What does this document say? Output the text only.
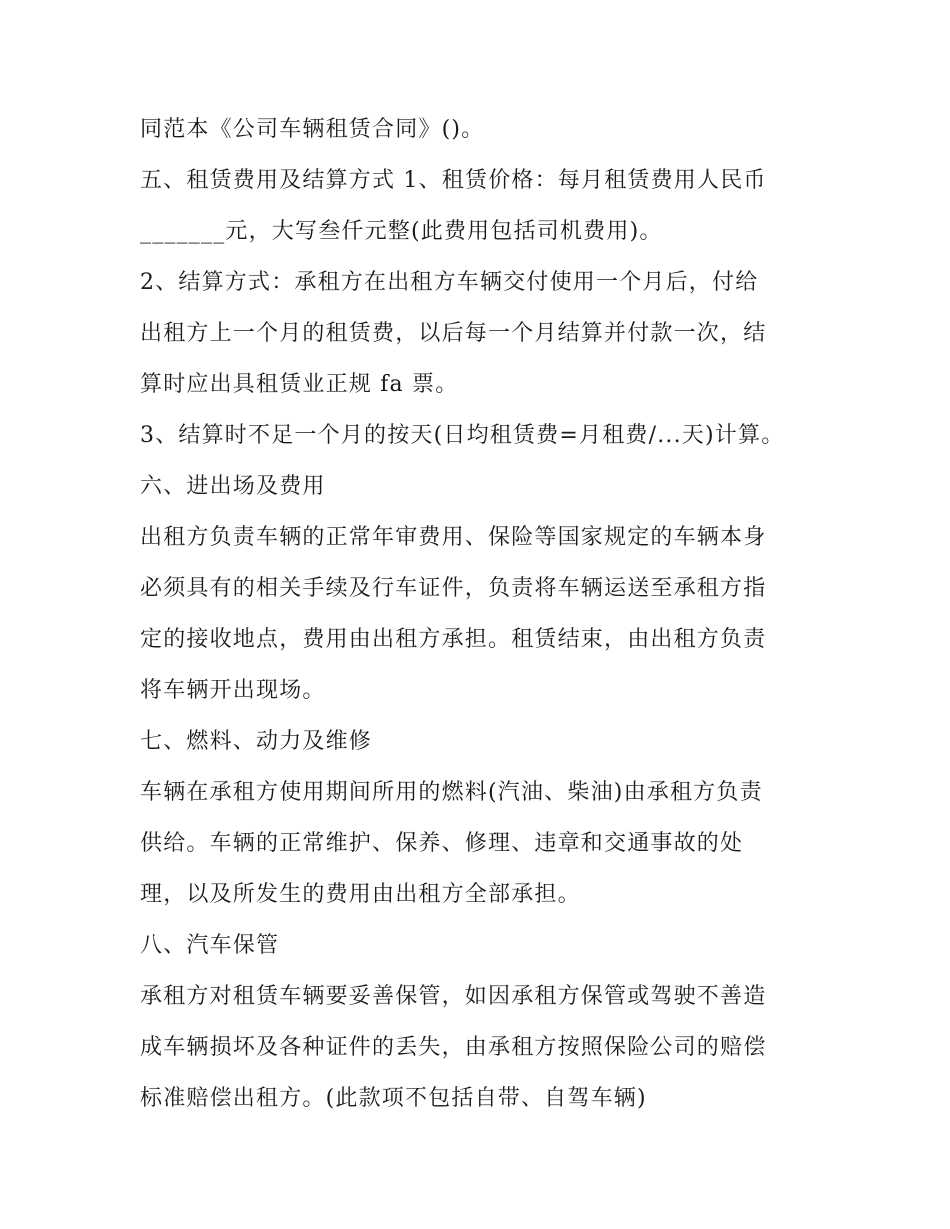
同范本《公司车辆租赁合同》()。
五、租赁费用及结算方式 1、租赁价格：每月租赁费用人民币
_______元，大写叁仟元整(此费用包括司机费用)。
2、结算方式：承租方在出租方车辆交付使用一个月后，付给
出租方上一个月的租赁费，以后每一个月结算并付款一次，结
算时应出具租赁业正规 fa 票。
3、结算时不足一个月的按天(日均租赁费=月租费/...天)计算。
六、进出场及费用
出租方负责车辆的正常年审费用、保险等国家规定的车辆本身
必须具有的相关手续及行车证件，负责将车辆运送至承租方指
定的接收地点，费用由出租方承担。租赁结束，由出租方负责
将车辆开出现场。
七、燃料、动力及维修
车辆在承租方使用期间所用的燃料(汽油、柴油)由承租方负责
供给。车辆的正常维护、保养、修理、违章和交通事故的处
理，以及所发生的费用由出租方全部承担。
八、汽车保管
承租方对租赁车辆要妥善保管，如因承租方保管或驾驶不善造
成车辆损坏及各种证件的丢失，由承租方按照保险公司的赔偿
标准赔偿出租方。(此款项不包括自带、自驾车辆)
